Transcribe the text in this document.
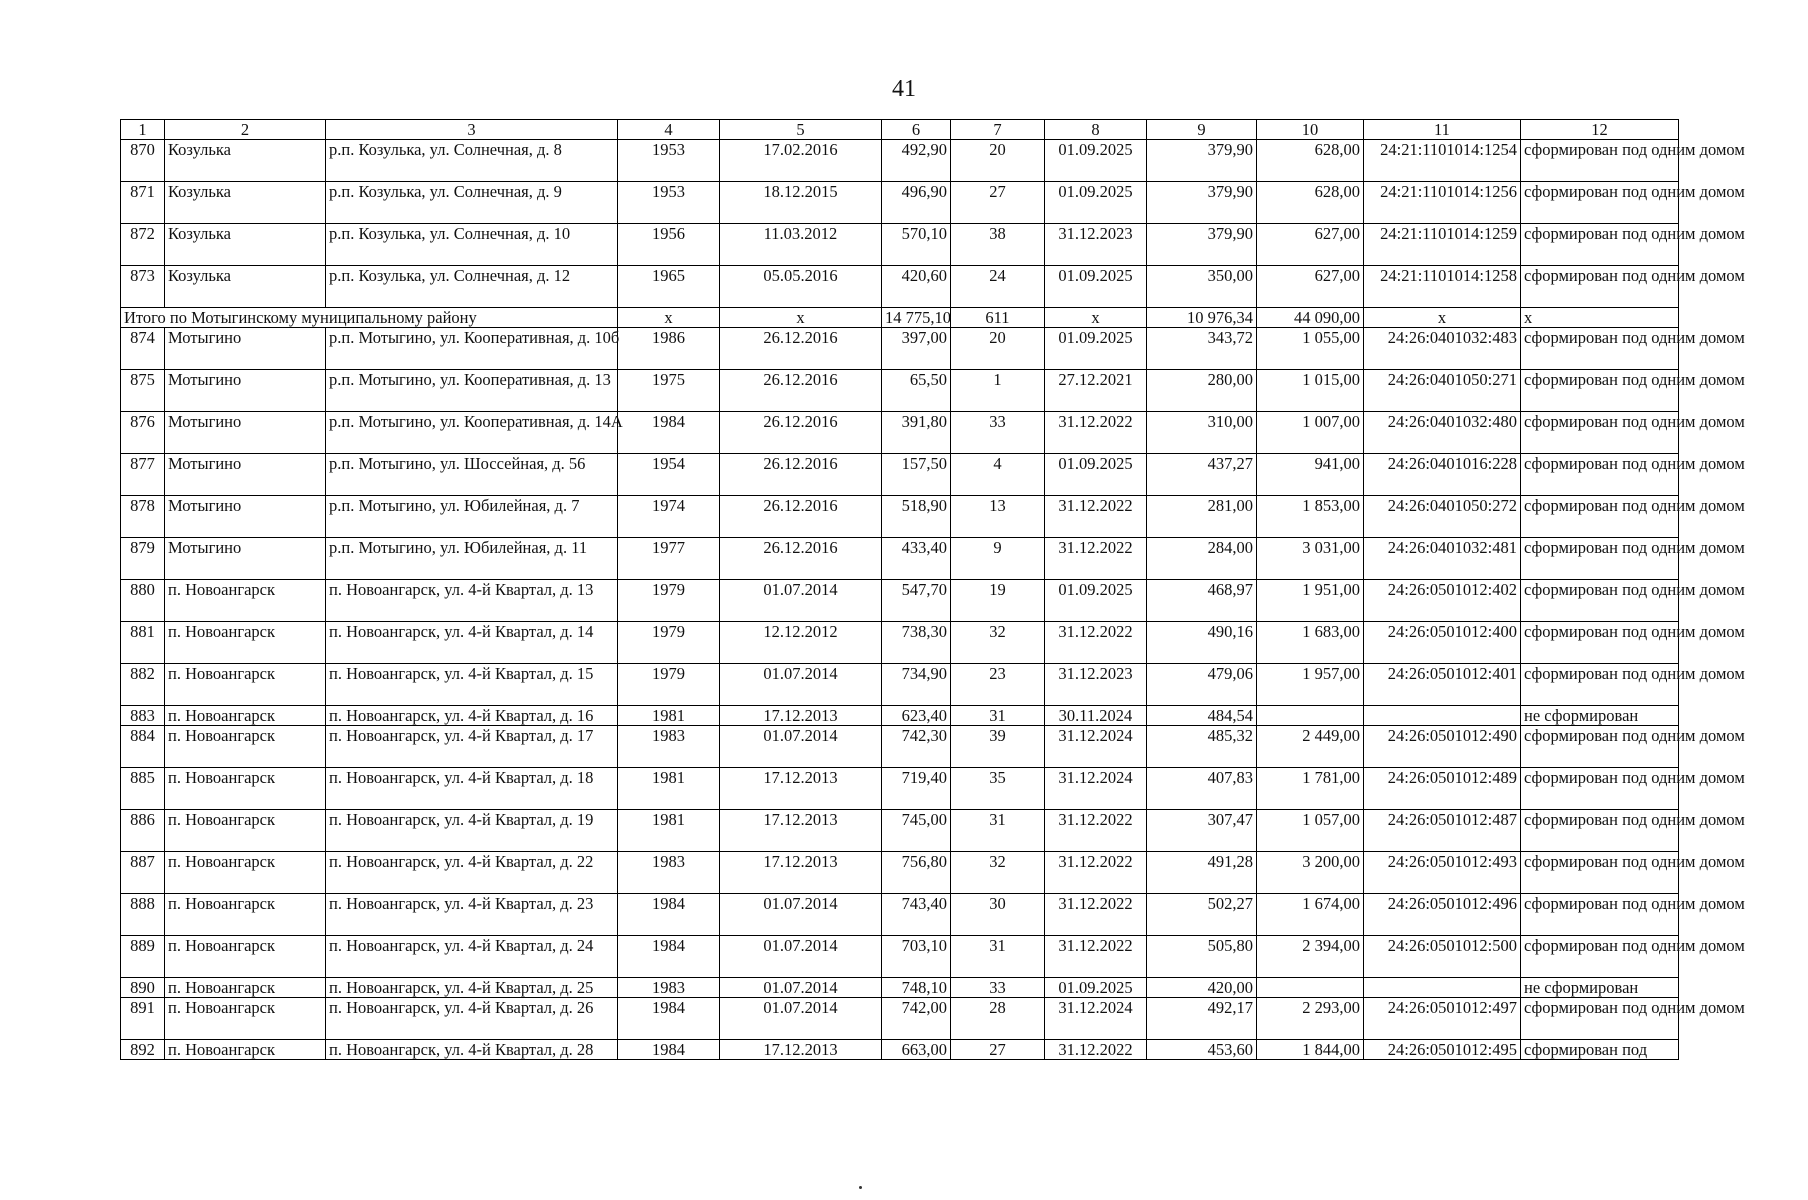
41
1	2	3	4	5	6	7	8	9	10	11	12
870	Козулька	р.п. Козулька, ул. Солнечная, д. 8	1953	17.02.2016	492,90	20	01.09.2025	379,90	628,00	24:21:1101014:1254	сформирован под одним домом
871	Козулька	р.п. Козулька, ул. Солнечная, д. 9	1953	18.12.2015	496,90	27	01.09.2025	379,90	628,00	24:21:1101014:1256	сформирован под одним домом
872	Козулька	р.п. Козулька, ул. Солнечная, д. 10	1956	11.03.2012	570,10	38	31.12.2023	379,90	627,00	24:21:1101014:1259	сформирован под одним домом
873	Козулька	р.п. Козулька, ул. Солнечная, д. 12	1965	05.05.2016	420,60	24	01.09.2025	350,00	627,00	24:21:1101014:1258	сформирован под одним домом
Итого по Мотыгинскому муниципальному району			x	x	14 775,10	611	x	10 976,34	44 090,00	x	x
874	Мотыгино	р.п. Мотыгино, ул. Кооперативная, д. 10б	1986	26.12.2016	397,00	20	01.09.2025	343,72	1 055,00	24:26:0401032:483	сформирован под одним домом
875	Мотыгино	р.п. Мотыгино, ул. Кооперативная, д. 13	1975	26.12.2016	65,50	1	27.12.2021	280,00	1 015,00	24:26:0401050:271	сформирован под одним домом
876	Мотыгино	р.п. Мотыгино, ул. Кооперативная, д. 14А	1984	26.12.2016	391,80	33	31.12.2022	310,00	1 007,00	24:26:0401032:480	сформирован под одним домом
877	Мотыгино	р.п. Мотыгино, ул. Шоссейная, д. 56	1954	26.12.2016	157,50	4	01.09.2025	437,27	941,00	24:26:0401016:228	сформирован под одним домом
878	Мотыгино	р.п. Мотыгино, ул. Юбилейная, д. 7	1974	26.12.2016	518,90	13	31.12.2022	281,00	1 853,00	24:26:0401050:272	сформирован под одним домом
879	Мотыгино	р.п. Мотыгино, ул. Юбилейная, д. 11	1977	26.12.2016	433,40	9	31.12.2022	284,00	3 031,00	24:26:0401032:481	сформирован под одним домом
880	п. Новоангарск	п. Новоангарск, ул. 4-й Квартал, д. 13	1979	01.07.2014	547,70	19	01.09.2025	468,97	1 951,00	24:26:0501012:402	сформирован под одним домом
881	п. Новоангарск	п. Новоангарск, ул. 4-й Квартал, д. 14	1979	12.12.2012	738,30	32	31.12.2022	490,16	1 683,00	24:26:0501012:400	сформирован под одним домом
882	п. Новоангарск	п. Новоангарск, ул. 4-й Квартал, д. 15	1979	01.07.2014	734,90	23	31.12.2023	479,06	1 957,00	24:26:0501012:401	сформирован под одним домом
883	п. Новоангарск	п. Новоангарск, ул. 4-й Квартал, д. 16	1981	17.12.2013	623,40	31	30.11.2024	484,54			не сформирован
884	п. Новоангарск	п. Новоангарск, ул. 4-й Квартал, д. 17	1983	01.07.2014	742,30	39	31.12.2024	485,32	2 449,00	24:26:0501012:490	сформирован под одним домом
885	п. Новоангарск	п. Новоангарск, ул. 4-й Квартал, д. 18	1981	17.12.2013	719,40	35	31.12.2024	407,83	1 781,00	24:26:0501012:489	сформирован под одним домом
886	п. Новоангарск	п. Новоангарск, ул. 4-й Квартал, д. 19	1981	17.12.2013	745,00	31	31.12.2022	307,47	1 057,00	24:26:0501012:487	сформирован под одним домом
887	п. Новоангарск	п. Новоангарск, ул. 4-й Квартал, д. 22	1983	17.12.2013	756,80	32	31.12.2022	491,28	3 200,00	24:26:0501012:493	сформирован под одним домом
888	п. Новоангарск	п. Новоангарск, ул. 4-й Квартал, д. 23	1984	01.07.2014	743,40	30	31.12.2022	502,27	1 674,00	24:26:0501012:496	сформирован под одним домом
889	п. Новоангарск	п. Новоангарск, ул. 4-й Квартал, д. 24	1984	01.07.2014	703,10	31	31.12.2022	505,80	2 394,00	24:26:0501012:500	сформирован под одним домом
890	п. Новоангарск	п. Новоангарск, ул. 4-й Квартал, д. 25	1983	01.07.2014	748,10	33	01.09.2025	420,00			не сформирован
891	п. Новоангарск	п. Новоангарск, ул. 4-й Квартал, д. 26	1984	01.07.2014	742,00	28	31.12.2024	492,17	2 293,00	24:26:0501012:497	сформирован под одним домом
892	п. Новоангарск	п. Новоангарск, ул. 4-й Квартал, д. 28	1984	17.12.2013	663,00	27	31.12.2022	453,60	1 844,00	24:26:0501012:495	сформирован под
